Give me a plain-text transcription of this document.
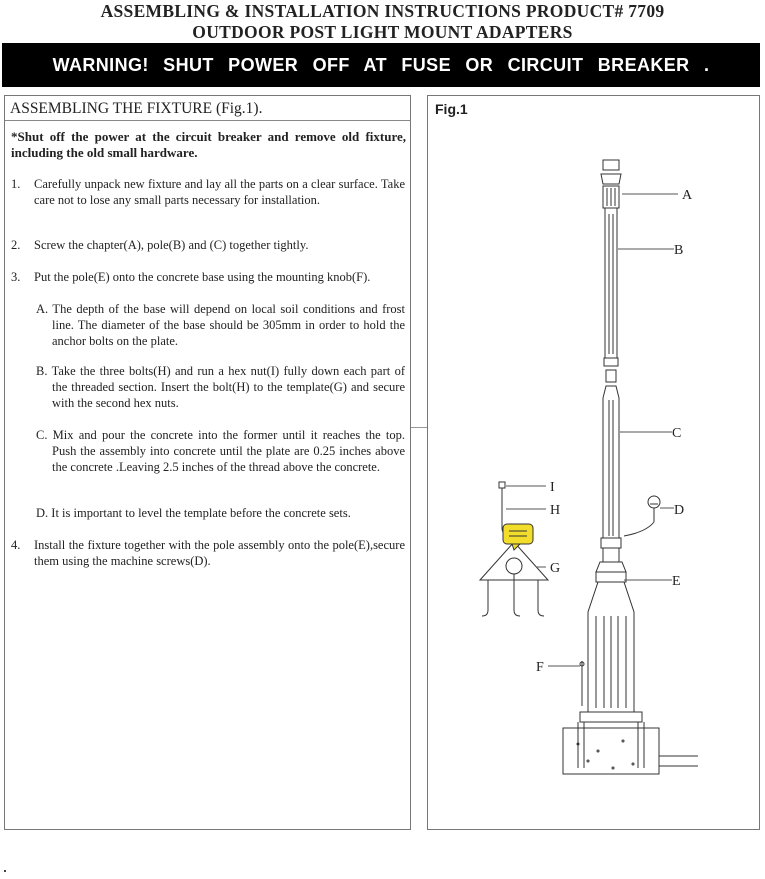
ASSEMBLING & INSTALLATION INSTRUCTIONS PRODUCT# 7709
OUTDOOR POST LIGHT MOUNT ADAPTERS
WARNING! SHUT POWER OFF AT FUSE OR CIRCUIT BREAKER .
ASSEMBLING THE FIXTURE (Fig.1).
*Shut off the power at the circuit breaker and remove old fixture, including the old small hardware.
1. Carefully unpack new fixture and lay all the parts on a clear surface. Take care not to lose any small parts necessary for installation.
2. Screw the chapter(A), pole(B) and (C) together tightly.
3. Put the pole(E) onto the concrete base using the mounting knob(F).
A. The depth of the base will depend on local soil conditions and frost line. The diameter of the base should be 305mm in order to hold the anchor bolts on the plate.
B. Take the three bolts(H) and run a hex nut(I) fully down each part of the threaded section. Insert the bolt(H) to the template(G) and secure with the second hex nuts.
C. Mix and pour the concrete into the former until it reaches the top. Push the assembly into concrete until the plate are 0.25 inches above the concrete .Leaving 2.5 inches of the thread above the concrete.
D. It is important to level the template before the concrete sets.
4. Install the fixture together with the pole assembly onto the pole(E),secure them using the machine screws(D).
Fig.1
A
B
C
D
E
F
G
H
I
